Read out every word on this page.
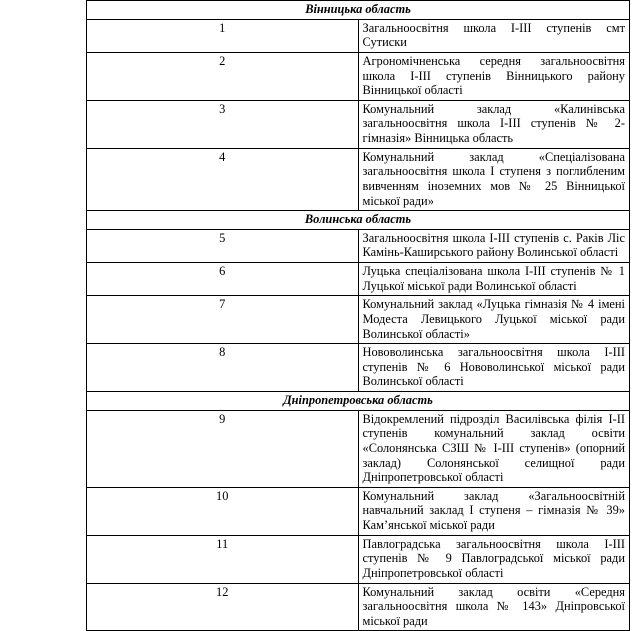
Вінницька область	
1	Загальноосвітня школа I-III ступенів смт Сутиски
2	Агрономічненська середня загальноосвітня школа I-III ступенів Вінницького району Вінницької області
3	Комунальний заклад «Калинівська загальноосвітня школа I-III ступенів № 2-гімназія» Вінницька область
4	Комунальний заклад «Спеціалізована загальноосвітня школа I ступеня з поглибленим вивченням іноземних мов № 25 Вінницької міської ради»
Волинська область	
5	Загальноосвітня школа I-III ступенів с. Раків Ліс Камінь-Каширського району Волинської області
6	Луцька спеціалізована школа I-III ступенів № 1 Луцької міської ради Волинської області
7	Комунальний заклад «Луцька гімназія № 4 імені Модеста Левицького Луцької міської ради Волинської області»
8	Нововолинська загальноосвітня школа I-III ступенів № 6 Нововолинської міської ради Волинської області
Дніпропетровська область	
9	Відокремлений підрозділ Василівська філія I-II ступенів комунальний заклад освіти «Солонянська СЗШ № I-III ступенів» (опорний заклад) Солонянської селищної ради Дніпропетровської області
10	Комунальний заклад «Загальноосвітній навчальний заклад I ступеня – гімназія № 39» Кам’янської міської ради
11	Павлоградська загальноосвітня школа I-III ступенів № 9 Павлоградської міської ради Дніпропетровської області
12	Комунальний заклад освіти «Середня загальноосвітня школа № 143» Дніпровської міської ради
